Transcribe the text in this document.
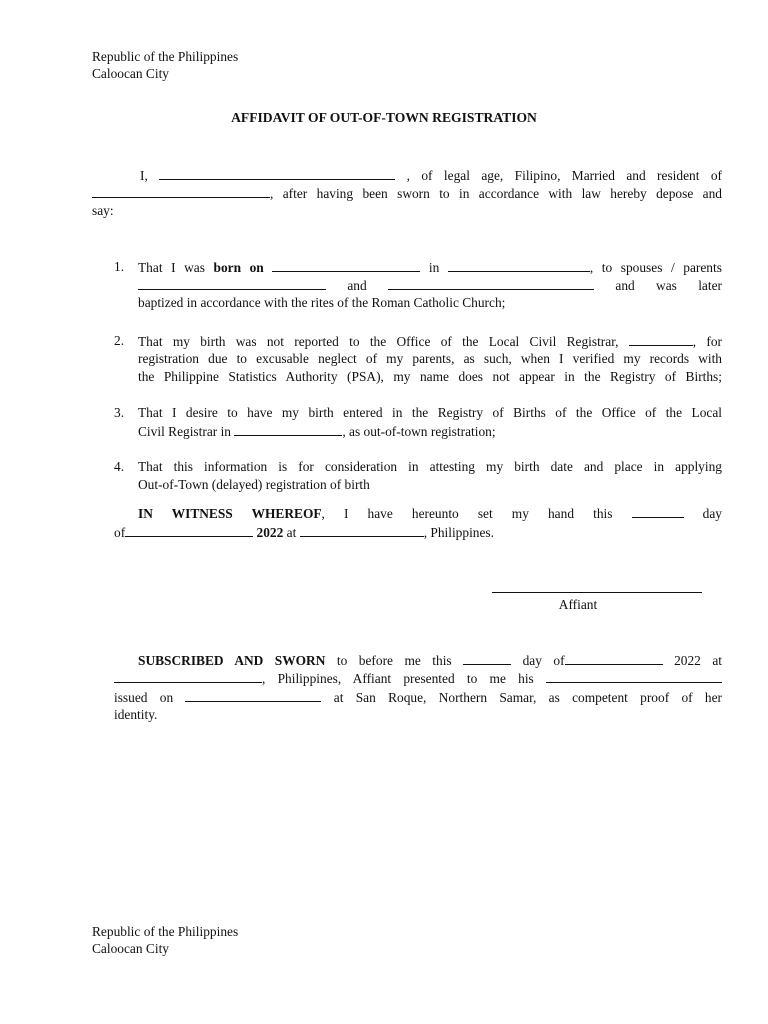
Republic of the Philippines
Caloocan City
AFFIDAVIT OF OUT-OF-TOWN REGISTRATION
I,	, of legal age, Filipino, Married and resident of
, after having been sworn to in accordance with law hereby depose and
say:
1. That I was born on	in	, to spouses / parents
and	and was later
baptized in accordance with the rites of the Roman Catholic Church;
2. That my birth was not reported to the Office of the Local Civil Registrar,	, for
registration due to excusable neglect of my parents, as such, when I verified my records with
the Philippine Statistics Authority (PSA), my name does not appear in the Registry of Births;
3. That I desire to have my birth entered in the Registry of Births of the Office of the Local
Civil Registrar in	, as out-of-town registration;
4. That this information is for consideration in attesting my birth date and place in applying
Out-of-Town (delayed) registration of birth
IN WITNESS WHEREOF, I have hereunto set my hand this	day
of	2022 at	, Philippines.
Affiant
SUBSCRIBED AND SWORN to before me this	day of	2022 at
, Philippines, Affiant presented to me his
issued on	at San Roque, Northern Samar, as competent proof of her
identity.
Republic of the Philippines
Caloocan City
